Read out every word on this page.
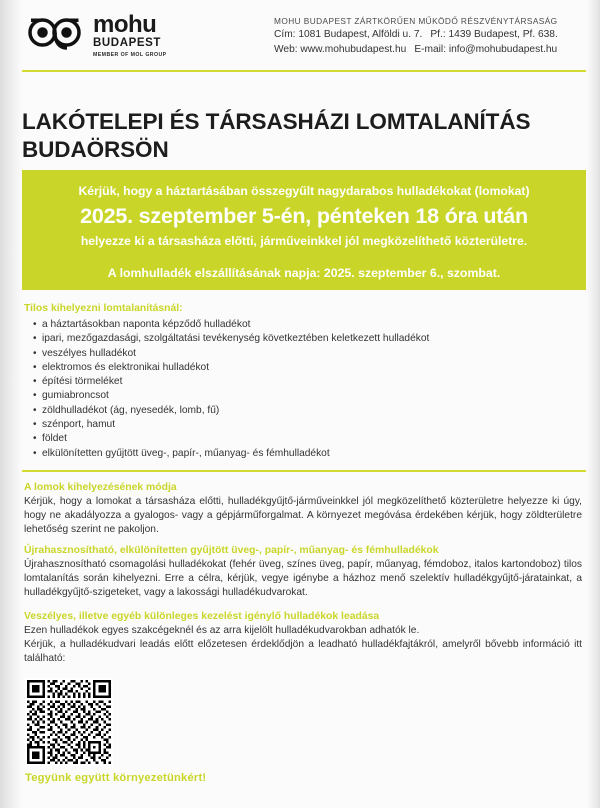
mohu
BUDAPEST
MEMBER OF MOL GROUP
MOHU BUDAPEST ZÁRTKÖRŰEN MŰKÖDŐ RÉSZVÉNYTÁRSASÁG
Cím: 1081 Budapest, Alföldi u. 7. Pf.: 1439 Budapest, Pf. 638.
Web: www.mohubudapest.hu E-mail: info@mohubudapest.hu
LAKÓTELEPI ÉS TÁRSASHÁZI LOMTALANÍTÁS BUDAÖRSÖN
Kérjük, hogy a háztartásában összegyűlt nagydarabos hulladékokat (lomokat)
2025. szeptember 5-én, pénteken 18 óra után
helyezze ki a társasháza előtti, járműveinkkel jól megközelíthető közterületre.
A lomhulladék elszállításának napja: 2025. szeptember 6., szombat.
Tilos kihelyezni lomtalanításnál:
• a háztartásokban naponta képződő hulladékot
• ipari, mezőgazdasági, szolgáltatási tevékenység következtében keletkezett hulladékot
• veszélyes hulladékot
• elektromos és elektronikai hulladékot
• építési törmeléket
• gumiabroncsot
• zöldhulladékot (ág, nyesedék, lomb, fű)
• szénport, hamut
• földet
• elkülönítetten gyűjtött üveg-, papír-, műanyag- és fémhulladékot
A lomok kihelyezésének módja
Kérjük, hogy a lomokat a társasháza előtti, hulladékgyűjtő-járműveinkkel jól megközelíthető közterületre helyezze ki úgy, hogy ne akadályozza a gyalogos- vagy a gépjárműforgalmat. A környezet megóvása érdekében kérjük, hogy zöldterületre lehetőség szerint ne pakoljon.
Újrahasznosítható, elkülönítetten gyűjtött üveg-, papír-, műanyag- és fémhulladékok
Újrahasznosítható csomagolási hulladékokat (fehér üveg, színes üveg, papír, műanyag, fémdoboz, italos kartondoboz) tilos lomtalanítás során kihelyezni. Erre a célra, kérjük, vegye igénybe a házhoz menő szelektív hulladékgyűjtő-járatainkat, a hulladékgyűjtő-szigeteket, vagy a lakossági hulladékudvarokat.
Veszélyes, illetve egyéb különleges kezelést igénylő hulladékok leadása
Ezen hulladékok egyes szakcégeknél és az arra kijelölt hulladékudvarokban adhatók le.
Kérjük, a hulladékudvari leadás előtt előzetesen érdeklődjön a leadható hulladékfajtákról, amelyről bővebb információ itt található:
Tegyünk együtt környezetünkért!
